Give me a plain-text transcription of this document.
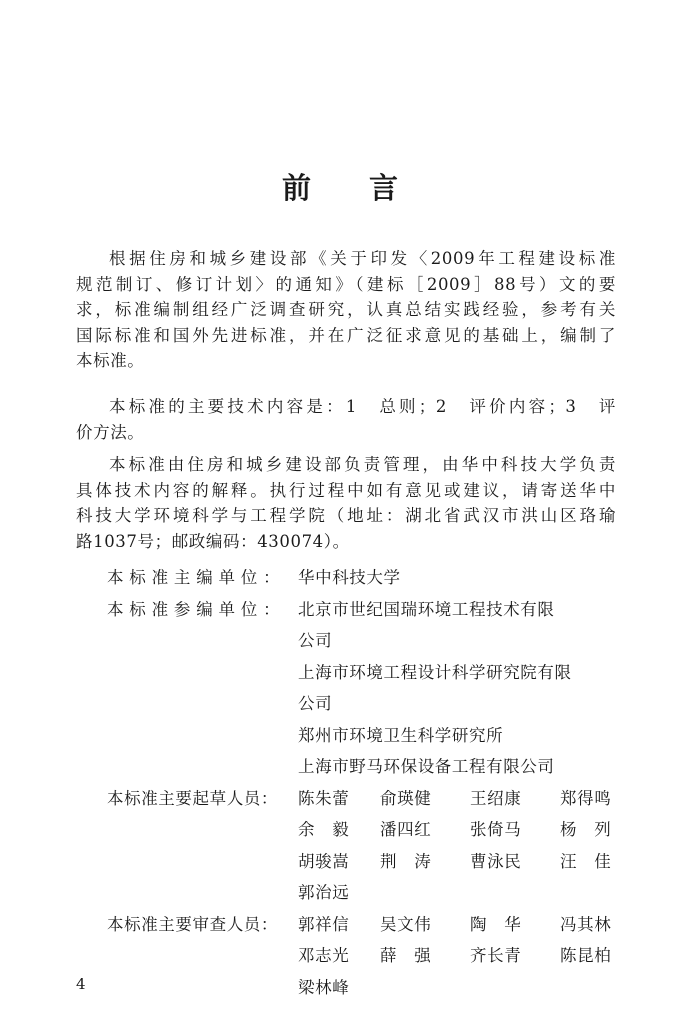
前 言
根据住房和城乡建设部《关于印发〈2009年工程建设标准
规范制订、修订计划〉的通知》（建标［2009］88号）文的要
求，标准编制组经广泛调查研究，认真总结实践经验，参考有关
国际标准和国外先进标准，并在广泛征求意见的基础上，编制了
本标准。
本标准的主要技术内容是：1　总则；2　评价内容；3　评
价方法。
本标准由住房和城乡建设部负责管理，由华中科技大学负责
具体技术内容的解释。执行过程中如有意见或建议，请寄送华中
科技大学环境科学与工程学院（地址：湖北省武汉市洪山区珞瑜
路1037号；邮政编码：430074）。
本标准主编单位： 华中科技大学
本标准参编单位： 北京市世纪国瑞环境工程技术有限
公司
上海市环境工程设计科学研究院有限
公司
郑州市环境卫生科学研究所
上海市野马环保设备工程有限公司
本标准主要起草人员：	陈朱蕾	俞瑛健	王绍康	郑得鸣
余　毅	潘四红	张倚马	杨　列
胡骏嵩	荆　涛	曹泳民	汪　佳
郭治远
本标准主要审查人员：	郭祥信	吴文伟	陶　华	冯其林
邓志光	薛　强	齐长青	陈昆柏
梁林峰
4
